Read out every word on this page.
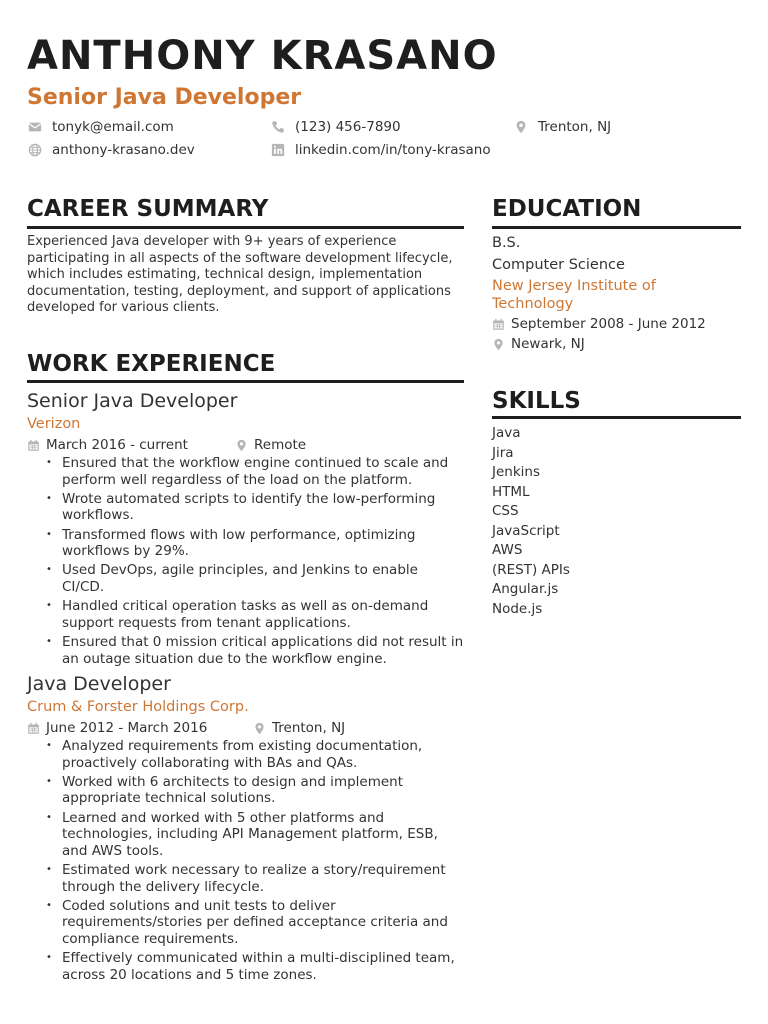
ANTHONY KRASANO
Senior Java Developer
tonyk@email.com	(123) 456-7890	Trenton, NJ
anthony-krasano.dev	linkedin.com/in/tony-krasano
CAREER SUMMARY
Experienced Java developer with 9+ years of experience participating in all aspects of the software development lifecycle, which includes estimating, technical design, implementation documentation, testing, deployment, and support of applications developed for various clients.
WORK EXPERIENCE
Senior Java Developer
Verizon
March 2016 - current	Remote
• Ensured that the workflow engine continued to scale and perform well regardless of the load on the platform.
• Wrote automated scripts to identify the low-performing workflows.
• Transformed flows with low performance, optimizing workflows by 29%.
• Used DevOps, agile principles, and Jenkins to enable CI/CD.
• Handled critical operation tasks as well as on-demand support requests from tenant applications.
• Ensured that 0 mission critical applications did not result in an outage situation due to the workflow engine.
Java Developer
Crum & Forster Holdings Corp.
June 2012 - March 2016	Trenton, NJ
• Analyzed requirements from existing documentation, proactively collaborating with BAs and QAs.
• Worked with 6 architects to design and implement appropriate technical solutions.
• Learned and worked with 5 other platforms and technologies, including API Management platform, ESB, and AWS tools.
• Estimated work necessary to realize a story/requirement through the delivery lifecycle.
• Coded solutions and unit tests to deliver requirements/stories per defined acceptance criteria and compliance requirements.
• Effectively communicated within a multi-disciplined team, across 20 locations and 5 time zones.
EDUCATION
B.S.
Computer Science
New Jersey Institute of Technology
September 2008 - June 2012
Newark, NJ
SKILLS
Java
Jira
Jenkins
HTML
CSS
JavaScript
AWS
(REST) APIs
Angular.js
Node.js
